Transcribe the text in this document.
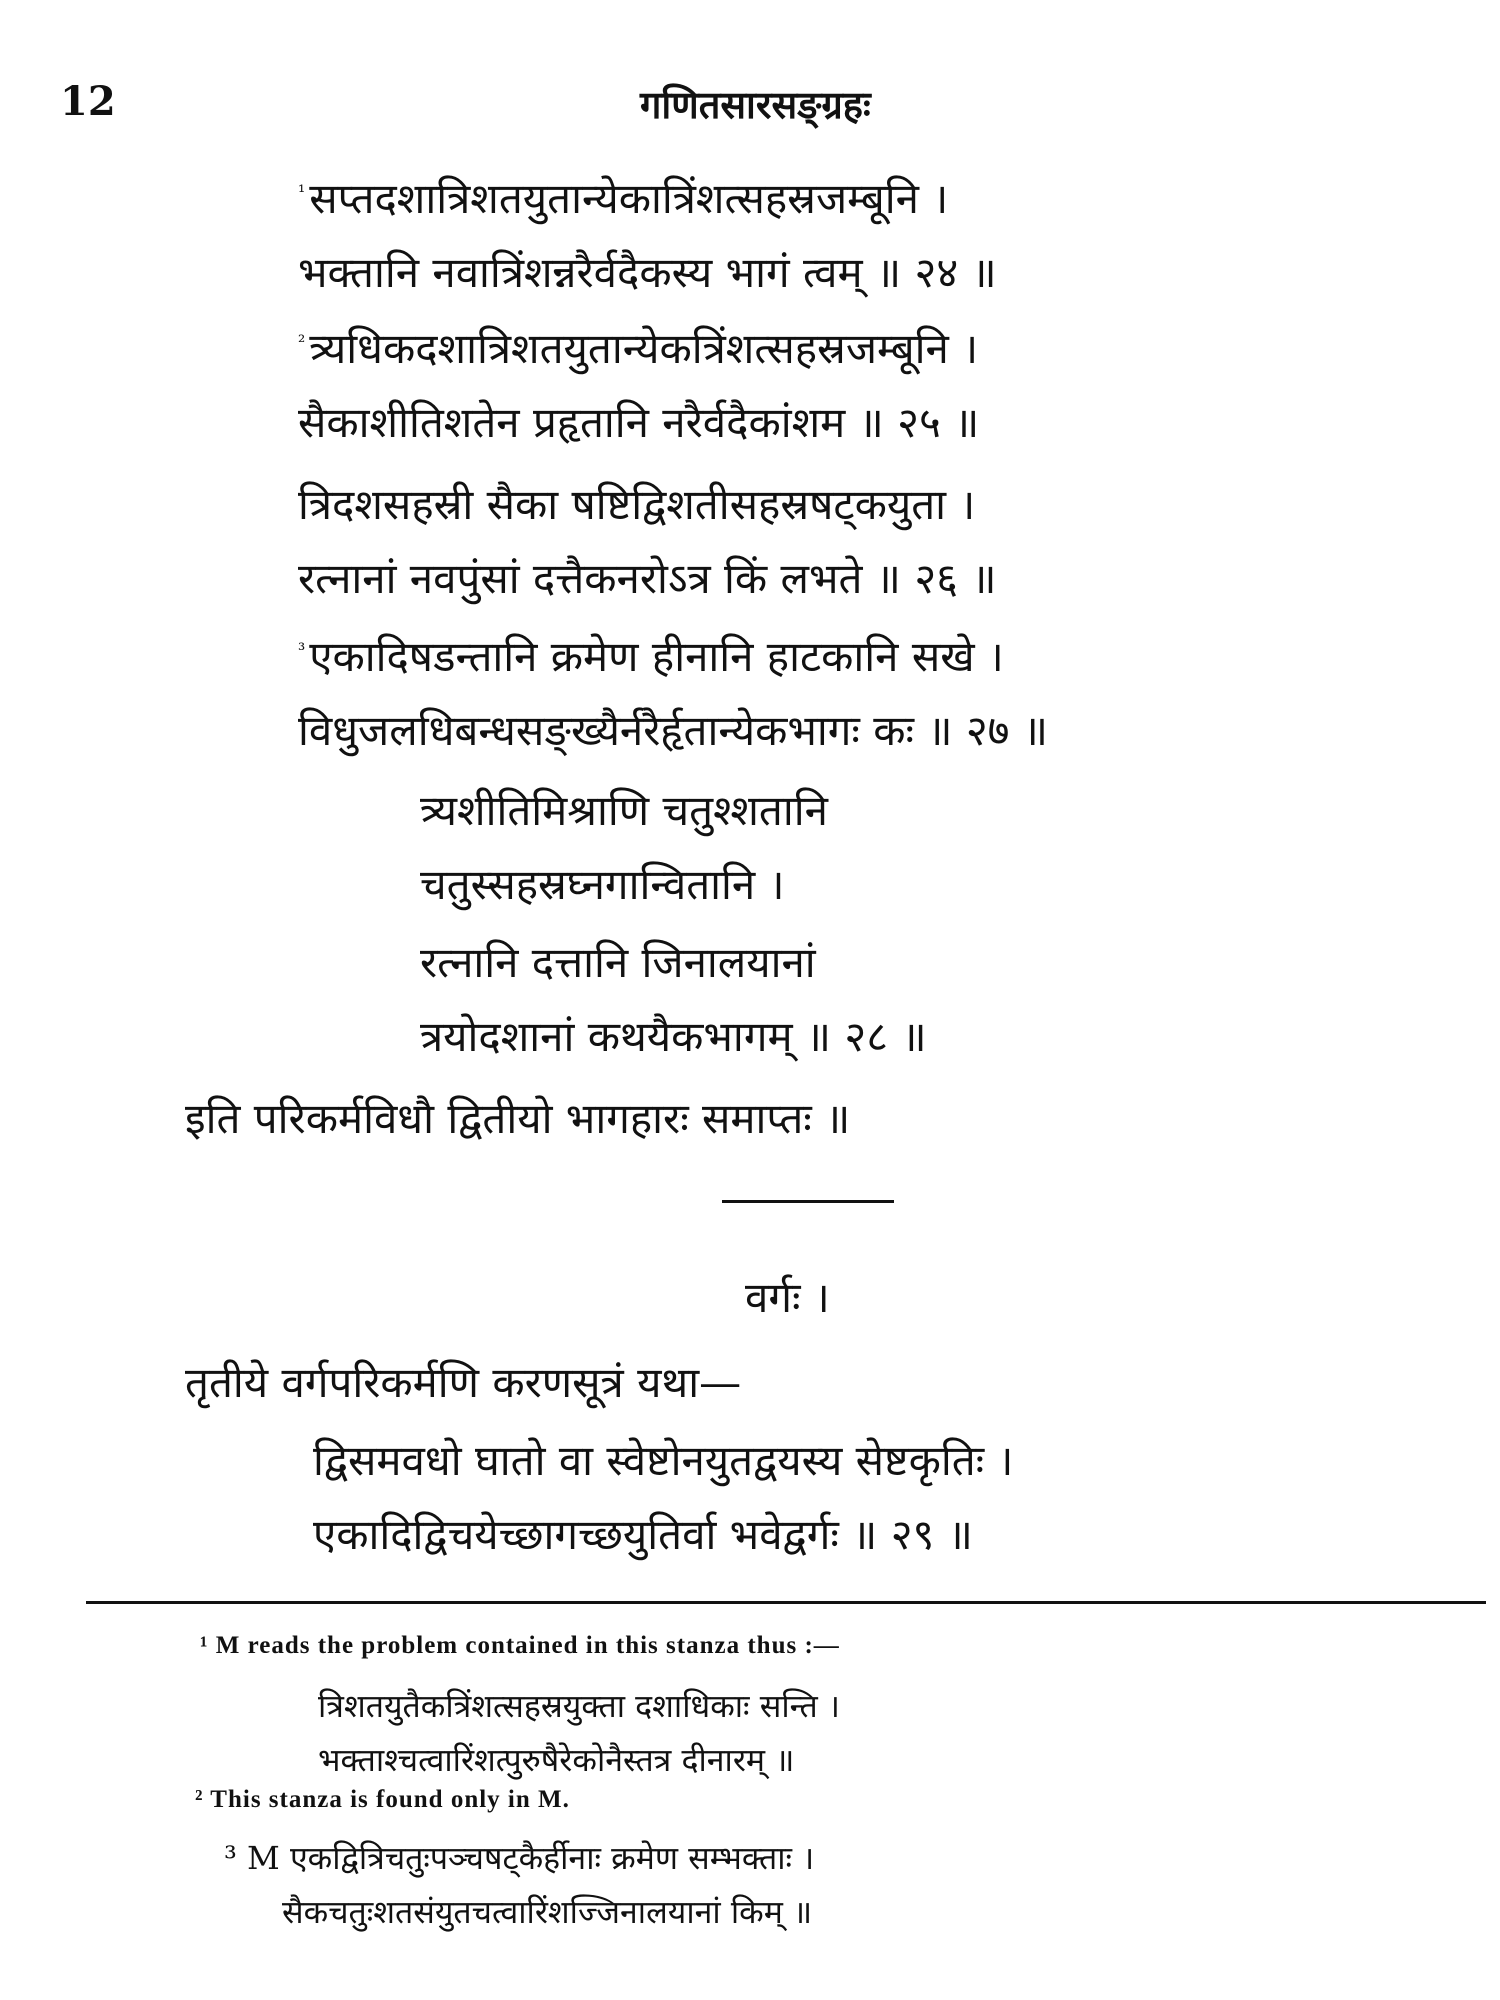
12	गणितसारसङ्ग्रहः
$^{^1}$सप्तदशात्रिशतयुतान्येकात्रिंशत्सहस्रजम्बूनि ।
भक्तानि नवात्रिंशन्नरैर्वदैकस्य भागं त्वम् ॥ २४ ॥
$^{^2}$त्र्यधिकदशात्रिशतयुतान्येकत्रिंशत्सहस्रजम्बूनि ।
सैकाशीतिशतेन प्रहृतानि नरैर्वदैकांशम ॥ २५ ॥
त्रिदशसहस्री सैका षष्टिद्विशतीसहस्रषट्कयुता ।
रत्नानां नवपुंसां दत्तैकनरोऽत्र किं लभते ॥ २६ ॥
$^{^3}$एकादिषडन्तानि क्रमेण हीनानि हाटकानि सखे ।
विधुजलधिबन्धसङ्ख्यैर्नरैर्हृतान्येकभागः कः ॥ २७ ॥
त्र्यशीतिमिश्राणि चतुश्शतानि
चतुस्सहस्रघ्नगान्वितानि ।
रत्नानि दत्तानि जिनालयानां
त्रयोदशानां कथयैकभागम् ॥ २८ ॥
इति परिकर्मविधौ द्वितीयो भागहारः समाप्तः ॥
वर्गः ।
तृतीये वर्गपरिकर्मणि करणसूत्रं यथा—
द्विसमवधो घातो वा स्वेष्टोनयुतद्वयस्य सेष्टकृतिः ।
एकादिद्विचयेच्छागच्छयुतिर्वा भवेद्वर्गः ॥ २९ ॥
¹ M reads the problem contained in this stanza thus :—
त्रिशतयुतैकत्रिंशत्सहस्रयुक्ता दशाधिकाः सन्ति ।
भक्ताश्चत्वारिंशत्पुरुषैरेकोनैस्तत्र दीनारम् ॥
² This stanza is found only in M.
³ M एकद्वित्रिचतुःपञ्चषट्कैर्हीनाः क्रमेण सम्भक्ताः ।
सैकचतुःशतसंयुतचत्वारिंशज्जिनालयानां किम् ॥
